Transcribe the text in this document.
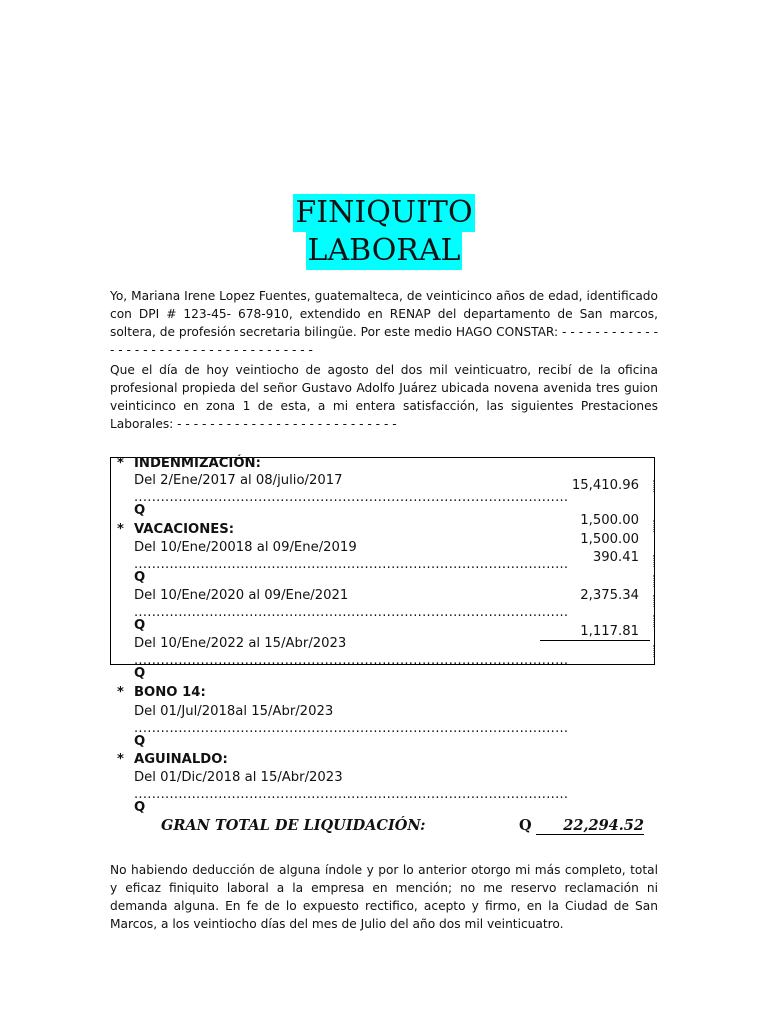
FINIQUITO
LABORAL
Yo, Mariana Irene Lopez Fuentes, guatemalteca, de veinticinco años de edad, identificado con DPI # 123-45- 678-910, extendido en RENAP del departamento de San marcos, soltera, de profesión secretaria bilingüe. Por este medio HAGO CONSTAR: - - - - - - - - - - - - - - - - - - - - - - - - - - - - - - - - - - - - -
Que el día de hoy veintiocho de agosto del dos mil veinticuatro, recibí de la oficina profesional propieda del señor Gustavo Adolfo Juárez ubicada novena avenida tres guion veinticinco en zona 1 de esta, a mi entera satisfacción, las siguientes Prestaciones Laborales: - - - - - - - - - - - - - - - - - - - - - - - - - - -
* INDENMIZACIÓN:
Del 2/Ene/2017 al 08/julio/2017
..................................................................................................
Q
* VACACIONES:
Del 10/Ene/20018 al 09/Ene/2019
..................................................................................................
Q
Del 10/Ene/2020 al 09/Ene/2021
..................................................................................................
Q
Del 10/Ene/2022 al 15/Abr/2023
..................................................................................................
Q
15,410.96
1,500.00
1,500.00
390.41
2,375.34
1,117.81
* BONO 14:
Del 01/Jul/2018al 15/Abr/2023
..................................................................................................
Q
* AGUINALDO:
Del 01/Dic/2018 al 15/Abr/2023
..................................................................................................
Q
GRAN TOTAL DE LIQUIDACIÓN:	Q	22,294.52
No habiendo deducción de alguna índole y por lo anterior otorgo mi más completo, total y eficaz finiquito laboral a la empresa en mención; no me reservo reclamación ni demanda alguna. En fe de lo expuesto rectifico, acepto y firmo, en la Ciudad de San Marcos, a los veintiocho días del mes de Julio del año dos mil veinticuatro.
